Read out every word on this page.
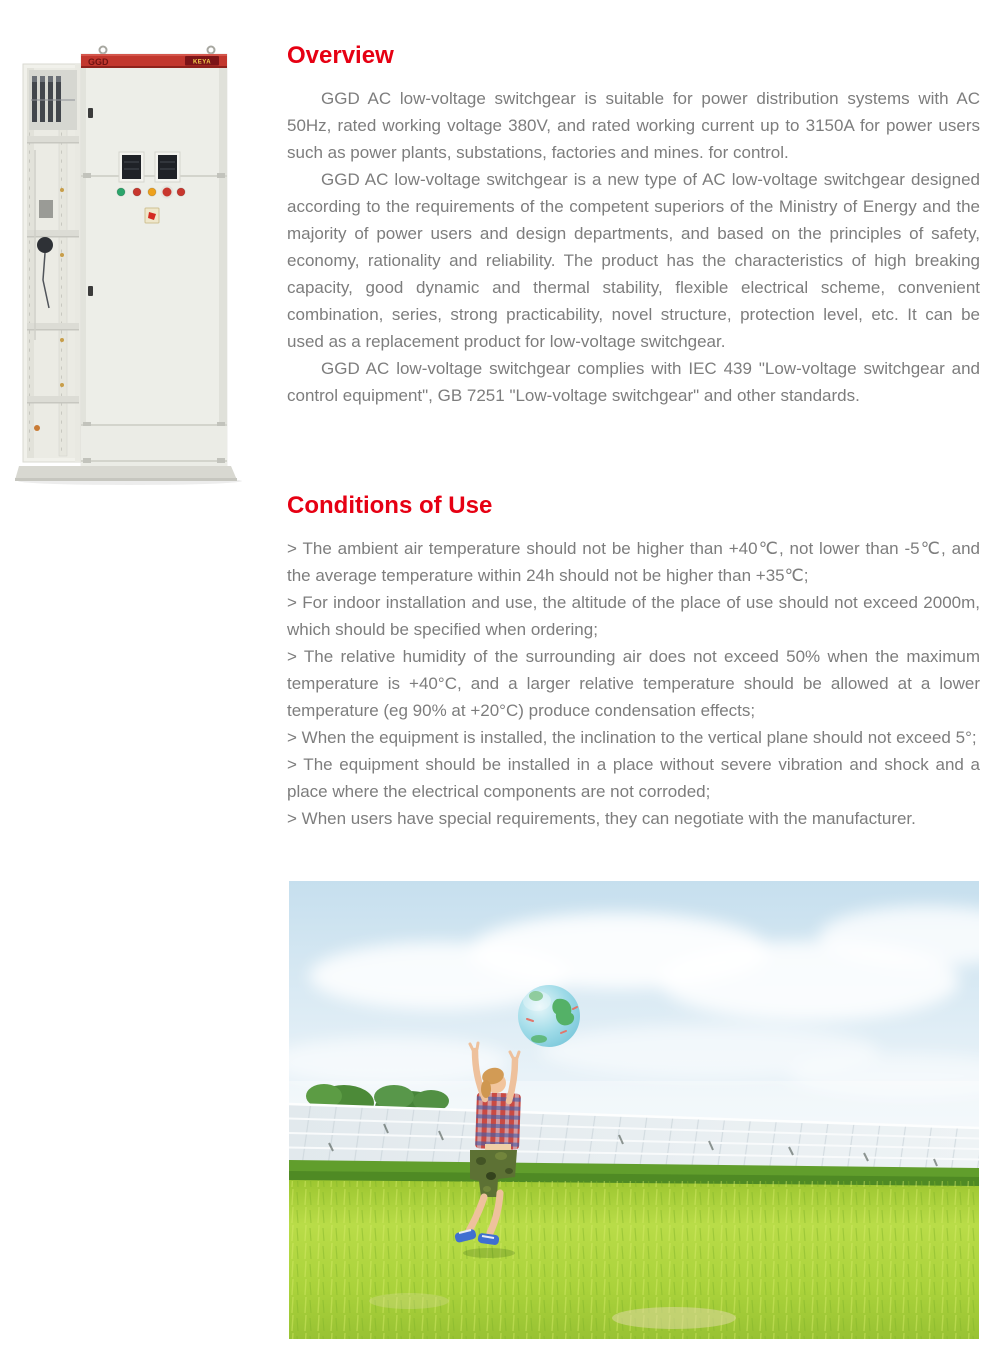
GGD	KEYA	Overview

GGD AC low-voltage switchgear is suitable for power distribution systems with AC 50Hz, rated working voltage 380V, and rated working current up to 3150A for power users such as power plants, substations, factories and mines. for control.

GGD AC low-voltage switchgear is a new type of AC low-voltage switchgear designed according to the requirements of the competent superiors of the Ministry of Energy and the majority of power users and design departments, and based on the principles of safety, economy, rationality and reliability. The product has the characteristics of high breaking capacity, good dynamic and thermal stability, flexible electrical scheme, convenient combination, series, strong practicability, novel structure, protection level, etc. It can be used as a replacement product for low-voltage switchgear.

GGD AC low-voltage switchgear complies with IEC 439 "Low-voltage switchgear and control equipment", GB 7251 "Low-voltage switchgear" and other standards.

Conditions of Use

> The ambient air temperature should not be higher than +40℃, not lower than -5℃, and the average temperature within 24h should not be higher than +35℃;

> For indoor installation and use, the altitude of the place of use should not exceed 2000m, which should be specified when ordering;

> The relative humidity of the surrounding air does not exceed 50% when the maximum temperature is +40°C, and a larger relative temperature should be allowed at a lower temperature (eg 90% at +20°C) produce condensation effects;

> When the equipment is installed, the inclination to the vertical plane should not exceed 5°;

> The equipment should be installed in a place without severe vibration and shock and a place where the electrical components are not corroded;

> When users have special requirements, they can negotiate with the manufacturer.
